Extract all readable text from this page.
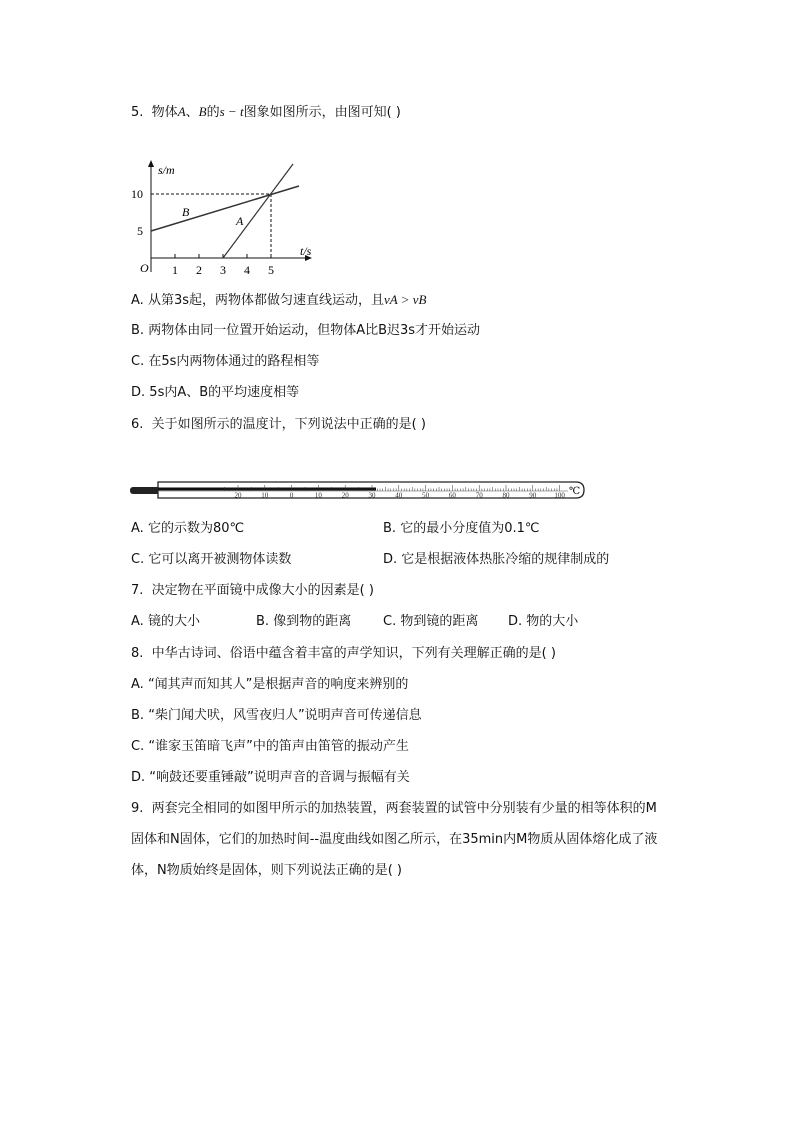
5. 物体A、B的s − t图象如图所示，由图可知( )
s/m
t/s
O
10
5
1 2 3 4 5
B
A
A. 从第3s起，两物体都做匀速直线运动，且vA > vB
B. 两物体由同一位置开始运动，但物体A比B迟3s才开始运动
C. 在5s内两物体通过的路程相等
D. 5s内A、B的平均速度相等
6. 关于如图所示的温度计，下列说法中正确的是( )
20	10	0	10	20	30	40	50	60	70	80	90	100 ℃
A. 它的示数为80℃	B. 它的最小分度值为0.1℃
C. 它可以离开被测物体读数	D. 它是根据液体热胀冷缩的规律制成的
7. 决定物在平面镜中成像大小的因素是( )
A. 镜的大小	B. 像到物的距离 C. 物到镜的距离 D. 物的大小
8. 中华古诗词、俗语中蕴含着丰富的声学知识，下列有关理解正确的是( )
A. “闻其声而知其人”是根据声音的响度来辨别的
B. “柴门闻犬吠，风雪夜归人”说明声音可传递信息
C. “谁家玉笛暗飞声”中的笛声由笛管的振动产生
D. “响鼓还要重锤敲”说明声音的音调与振幅有关
9. 两套完全相同的如图甲所示的加热装置，两套装置的试管中分别装有少量的相等体积的M
固体和N固体，它们的加热时间--温度曲线如图乙所示，在35min内M物质从固体熔化成了液
体，N物质始终是固体，则下列说法正确的是( )
